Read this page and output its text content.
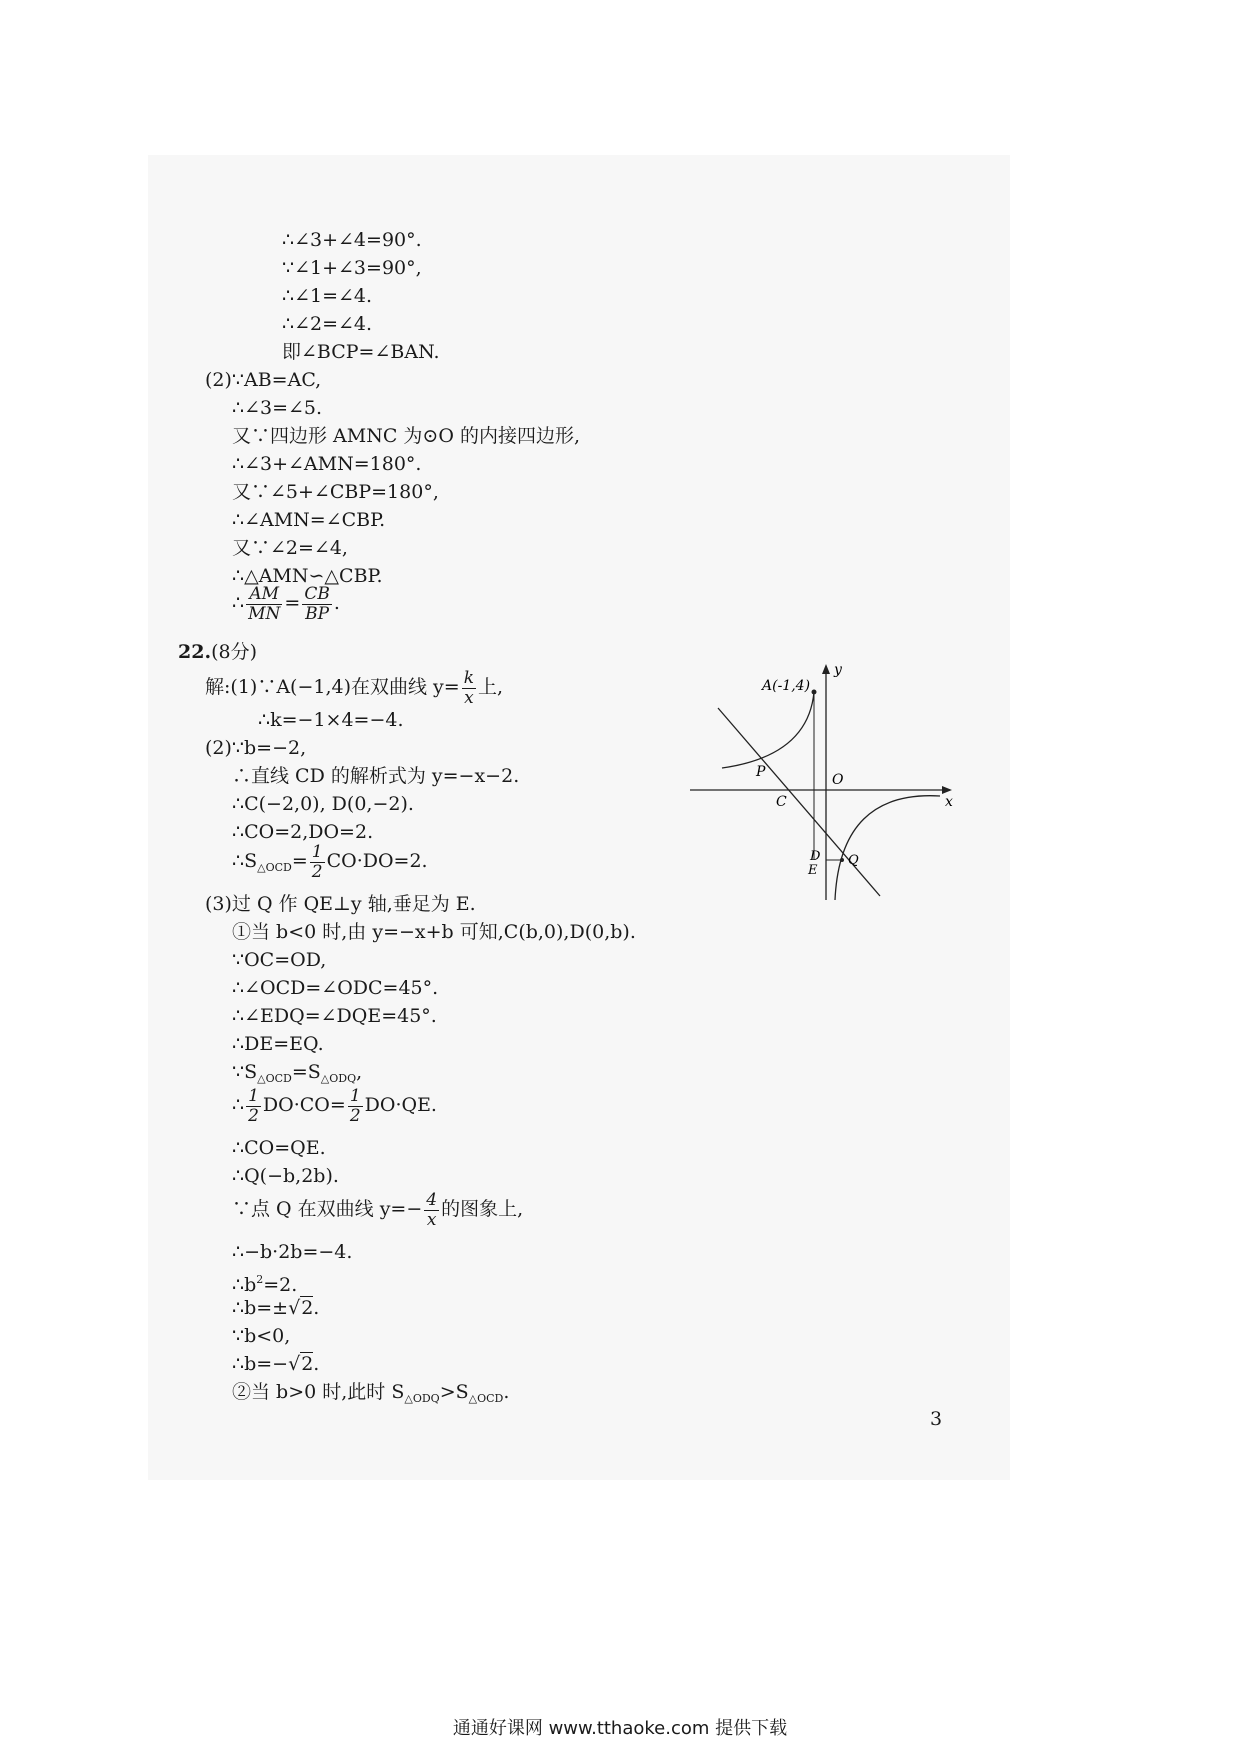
∴∠3+∠4=90°.
∵∠1+∠3=90°,
∴∠1=∠4.
∴∠2=∠4.
即∠BCP=∠BAN.
(2)∵AB=AC,
∴∠3=∠5.
又∵四边形 AMNC 为⊙O 的内接四边形,
∴∠3+∠AMN=180°.
又∵∠5+∠CBP=180°,
∴∠AMN=∠CBP.
又∵∠2=∠4,
∴△AMN∽△CBP.
∴ $\frac{AM}{MN} = \frac{CB}{BP}$ .
22.(8分)
解:(1)∵A(−1,4)在双曲线 $y= \frac{k}{x}$ 上,
∴k=−1×4=−4.
(2)∵b=−2,
∴直线 CD 的解析式为 y=−x−2.
∴C(−2,0), D(0,−2).
∴CO=2,DO=2.
$\therefore S_{\triangle OCD}= \frac{1}{2} CO\cdot DO=2$.
(3)过 Q 作 QE⊥y 轴,垂足为 E.
①当 b<0 时,由 y=−x+b 可知,C(b,0),D(0,b).
∵OC=OD,
∴∠OCD=∠ODC=45°.
∴∠EDQ=∠DQE=45°.
∴DE=EQ.
$\because S_{\triangle OCD}=S_{\triangle ODQ}$,
∴ $\frac{1}{2} DO\cdot CO= \frac{1}{2} DO\cdot QE$.
∴CO=QE.
∴Q(−b,2b).
∵点 Q 在双曲线 $y=- \frac{4}{x}$ 的图象上,
∴−b·2b=−4.
$\therefore b^2=2$.
∴b=±√2.
∵b<0,
∴b=−√2.
②当 b>0 时,此时 $S_{\triangle ODQ}>S_{\triangle OCD}$.
A(-1,4)
P
C
O
D
E
Q
x
y
3
通通好课网 www.tthaoke.com 提供下载
